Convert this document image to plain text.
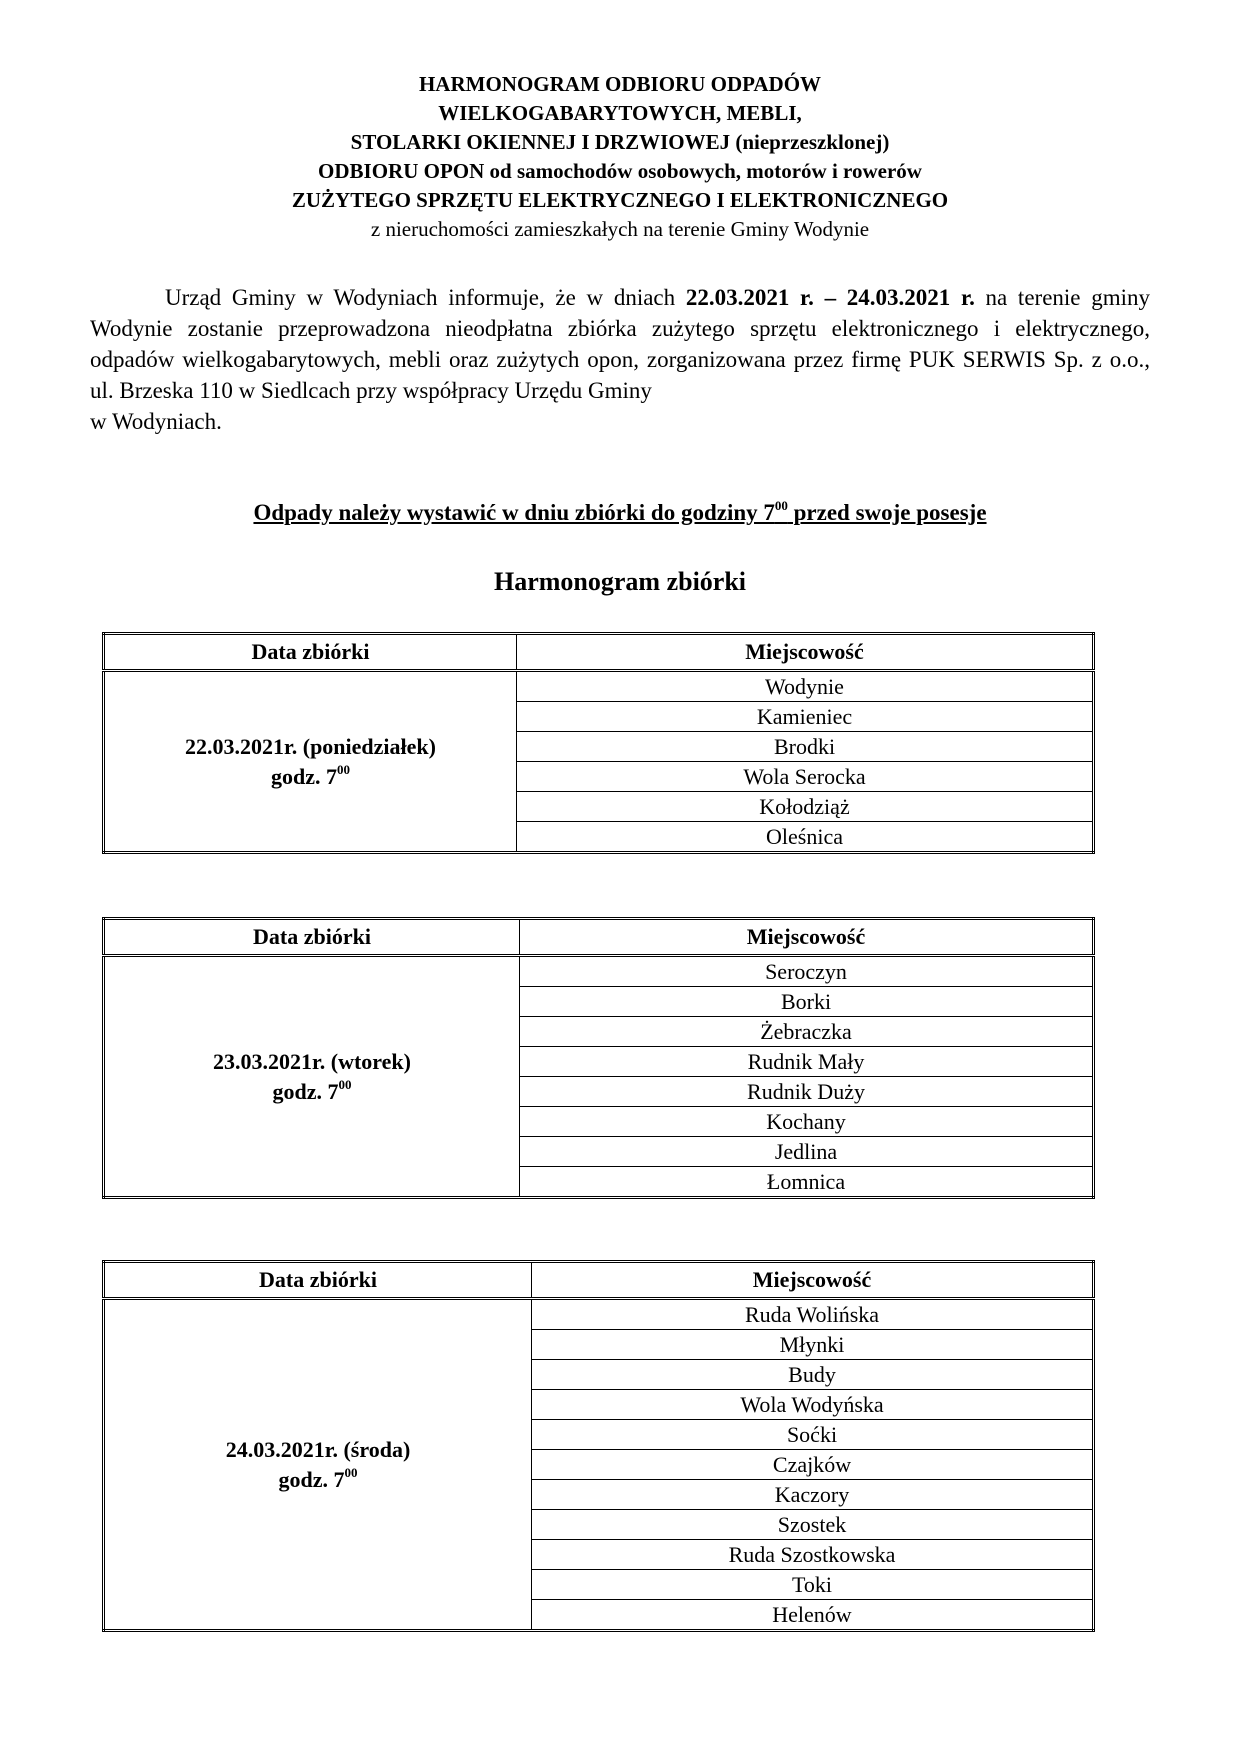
HARMONOGRAM ODBIORU ODPADÓW
WIELKOGABARYTOWYCH, MEBLI,
STOLARKI OKIENNEJ I DRZWIOWEJ (nieprzeszklonej)
ODBIORU OPON od samochodów osobowych, motorów i rowerów
ZUŻYTEGO SPRZĘTU ELEKTRYCZNEGO I ELEKTRONICZNEGO
z nieruchomości zamieszkałych na terenie Gminy Wodynie

Urząd Gminy w Wodyniach informuje, że w dniach 22.03.2021 r. – 24.03.2021 r. na terenie gminy Wodynie zostanie przeprowadzona nieodpłatna zbiórka zużytego sprzętu elektronicznego i elektrycznego, odpadów wielkogabarytowych, mebli oraz zużytych opon, zorganizowana przez firmę PUK SERWIS Sp. z o.o., ul. Brzeska 110 w Siedlcach przy współpracy Urzędu Gminy

w Wodyniach.

Odpady należy wystawić w dniu zbiórki do godziny $7^{00}$ przed swoje posesje
Harmonogram zbiórki
Data zbiórki	Miejscowość

22.03.2021r. (poniedziałek)
godz. $7^{00}$	Wodynie
	Kamieniec
	Brodki
	Wola Serocka
	Kołodziąż
	Oleśnica
Data zbiórki	Miejscowość

23.03.2021r. (wtorek)
godz. $7^{00}$	Seroczyn
	Borki
	Żebraczka
	Rudnik Mały
	Rudnik Duży
	Kochany
	Jedlina
	Łomnica
Data zbiórki	Miejscowość

24.03.2021r. (środa)
godz. $7^{00}$	Ruda Wolińska
	Młynki
	Budy
	Wola Wodyńska
	Soćki
	Czajków
	Kaczory
	Szostek
	Ruda Szostkowska
	Toki
	Helenów
